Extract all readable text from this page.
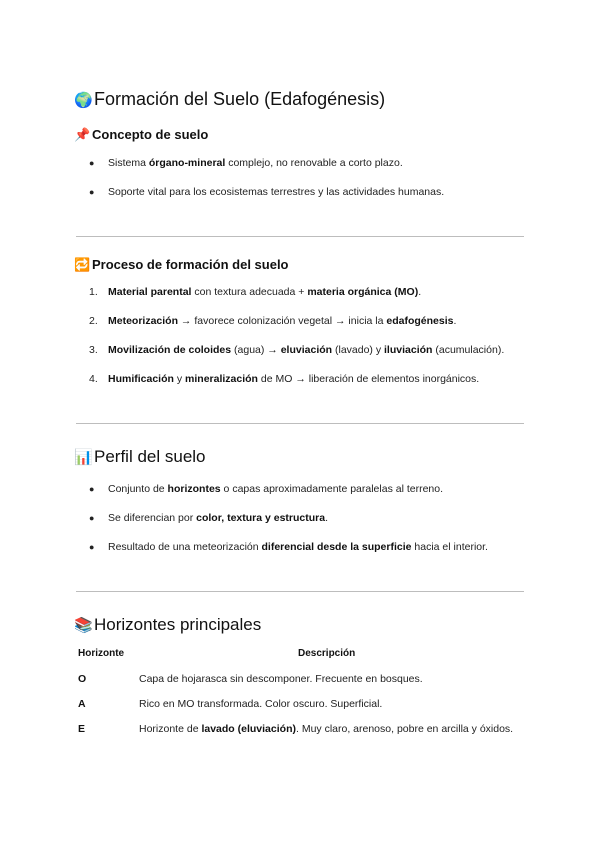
🌍Formación del Suelo (Edafogénesis)
📌 Concepto de suelo
● Sistema órgano-mineral complejo, no renovable a corto plazo.
● Soporte vital para los ecosistemas terrestres y las actividades humanas.
🔁 Proceso de formación del suelo
1. Material parental con textura adecuada + materia orgánica (MO).
2. Meteorización → favorece colonización vegetal → inicia la edafogénesis.
3. Movilización de coloides (agua) → eluviación (lavado) y iluviación (acumulación).
4. Humificación y mineralización de MO → liberación de elementos inorgánicos.
📊Perfil del suelo
● Conjunto de horizontes o capas aproximadamente paralelas al terreno.
● Se diferencian por color, textura y estructura.
● Resultado de una meteorización diferencial desde la superficie hacia el interior.
📚Horizontes principales
Horizonte	Descripción
O	Capa de hojarasca sin descomponer. Frecuente en bosques.
A	Rico en MO transformada. Color oscuro. Superficial.
E	Horizonte de lavado (eluviación). Muy claro, arenoso, pobre en arcilla y óxidos.
